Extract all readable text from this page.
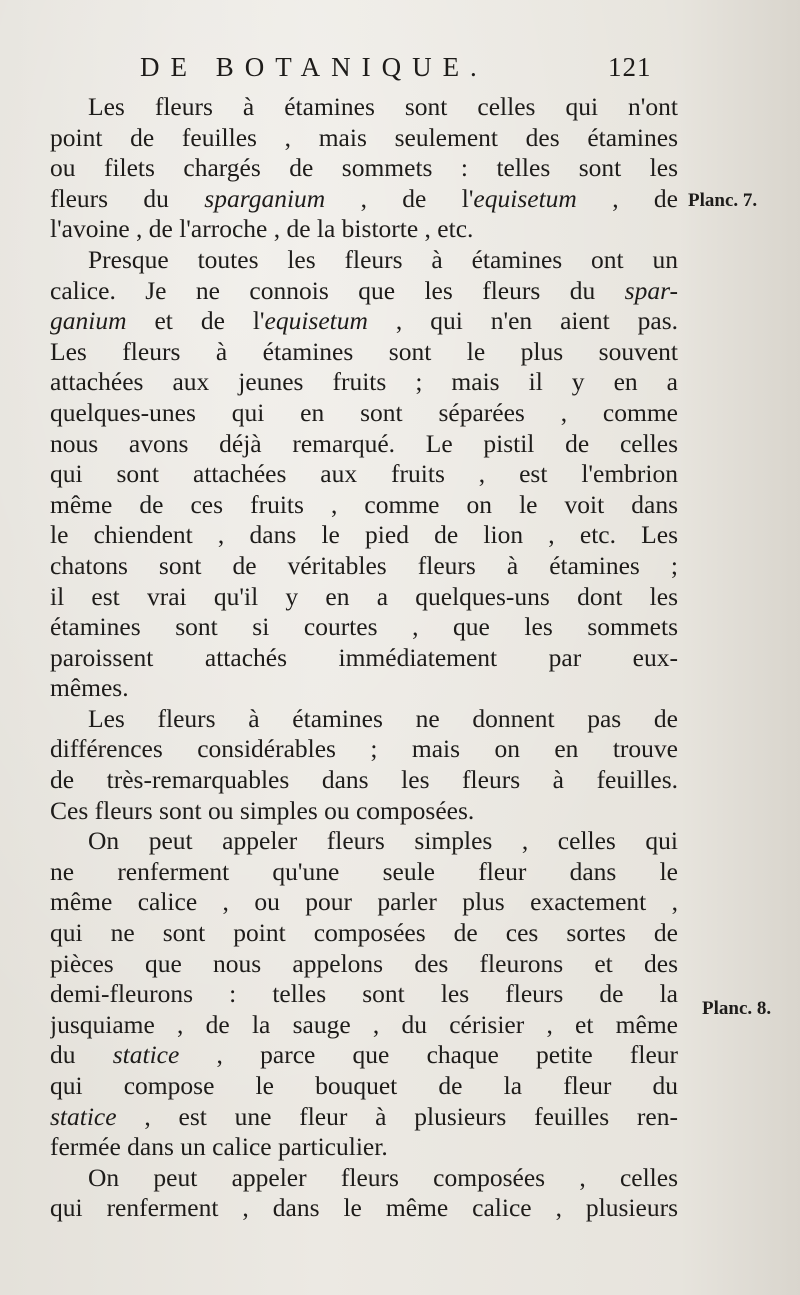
DE BOTANIQUE.	121
Les fleurs à étamines sont celles qui n'ont
point de feuilles , mais seulement des étamines
ou filets chargés de sommets : telles sont les
fleurs du sparganium , de l'equisetum , de
l'avoine , de l'arroche , de la bistorte , etc.
Presque toutes les fleurs à étamines ont un
calice. Je ne connois que les fleurs du spar-
ganium et de l'equisetum , qui n'en aient pas.
Les fleurs à étamines sont le plus souvent
attachées aux jeunes fruits ; mais il y en a
quelques-unes qui en sont séparées , comme
nous avons déjà remarqué. Le pistil de celles
qui sont attachées aux fruits , est l'embrion
même de ces fruits , comme on le voit dans
le chiendent , dans le pied de lion , etc. Les
chatons sont de véritables fleurs à étamines ;
il est vrai qu'il y en a quelques-uns dont les
étamines sont si courtes , que les sommets
paroissent attachés immédiatement par eux-
mêmes.
Les fleurs à étamines ne donnent pas de
différences considérables ; mais on en trouve
de très-remarquables dans les fleurs à feuilles.
Ces fleurs sont ou simples ou composées.
On peut appeler fleurs simples , celles qui
ne renferment qu'une seule fleur dans le
même calice , ou pour parler plus exactement ,
qui ne sont point composées de ces sortes de
pièces que nous appelons des fleurons et des
demi-fleurons : telles sont les fleurs de la
jusquiame , de la sauge , du cérisier , et même
du statice , parce que chaque petite fleur
qui compose le bouquet de la fleur du
statice , est une fleur à plusieurs feuilles ren-
fermée dans un calice particulier.
On peut appeler fleurs composées , celles
qui renferment , dans le même calice , plusieurs
Planc. 7.
Planc. 8.
